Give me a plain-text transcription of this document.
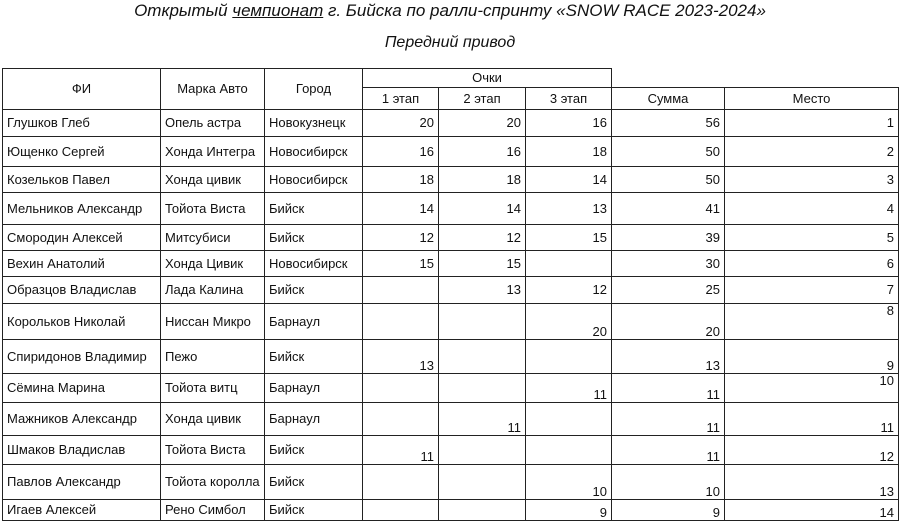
Открытый чемпионат г. Бийска по ралли-спринту «SNOW RACE 2023-2024»
Передний привод
ФИ	Марка Авто	Город	Очки				
			1 этап	2 этап	3 этап	Сумма	Место
Глушков Глеб	Опель астра	Новокузнецк	20	20	16	56	1
Ющенко Сергей	Хонда Интегра	Новосибирск	16	16	18	50	2
Козельков Павел	Хонда цивик	Новосибирск	18	18	14	50	3
Мельников Александр	Тойота Виста	Бийск	14	14	13	41	4
Смородин Алексей	Митсубиси	Бийск	12	12	15	39	5
Вехин Анатолий	Хонда Цивик	Новосибирск	15	15		30	6
Образцов Владислав	Лада Калина	Бийск		13	12	25	7
Корольков Николай	Ниссан Микро	Барнаул			20	20	8
Спиридонов Владимир	Пежо	Бийск	13			13	9
Сёмина Марина	Тойота витц	Барнаул			11	11	10
Мажников Александр	Хонда цивик	Барнаул		11		11	11
Шмаков Владислав	Тойота Виста	Бийск	11			11	12
Павлов Александр	Тойота королла	Бийск			10	10	13
Игаев Алексей	Рено Симбол	Бийск			9	9	14
